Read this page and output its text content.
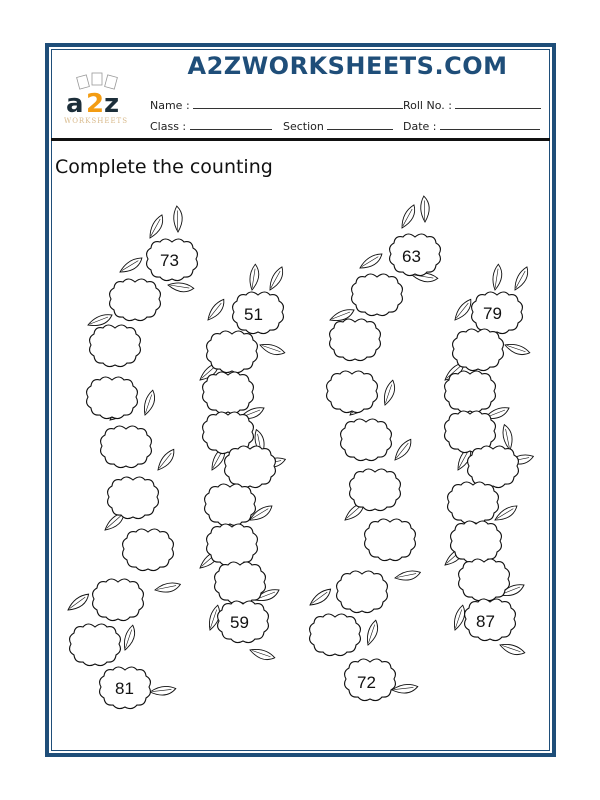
a 2 z
WORKSHEETS
A2ZWORKSHEETS.COM
Name :	Roll No. :
Class :	Section	Date :
Complete the counting
73
81
51
59
63
72
79
87
